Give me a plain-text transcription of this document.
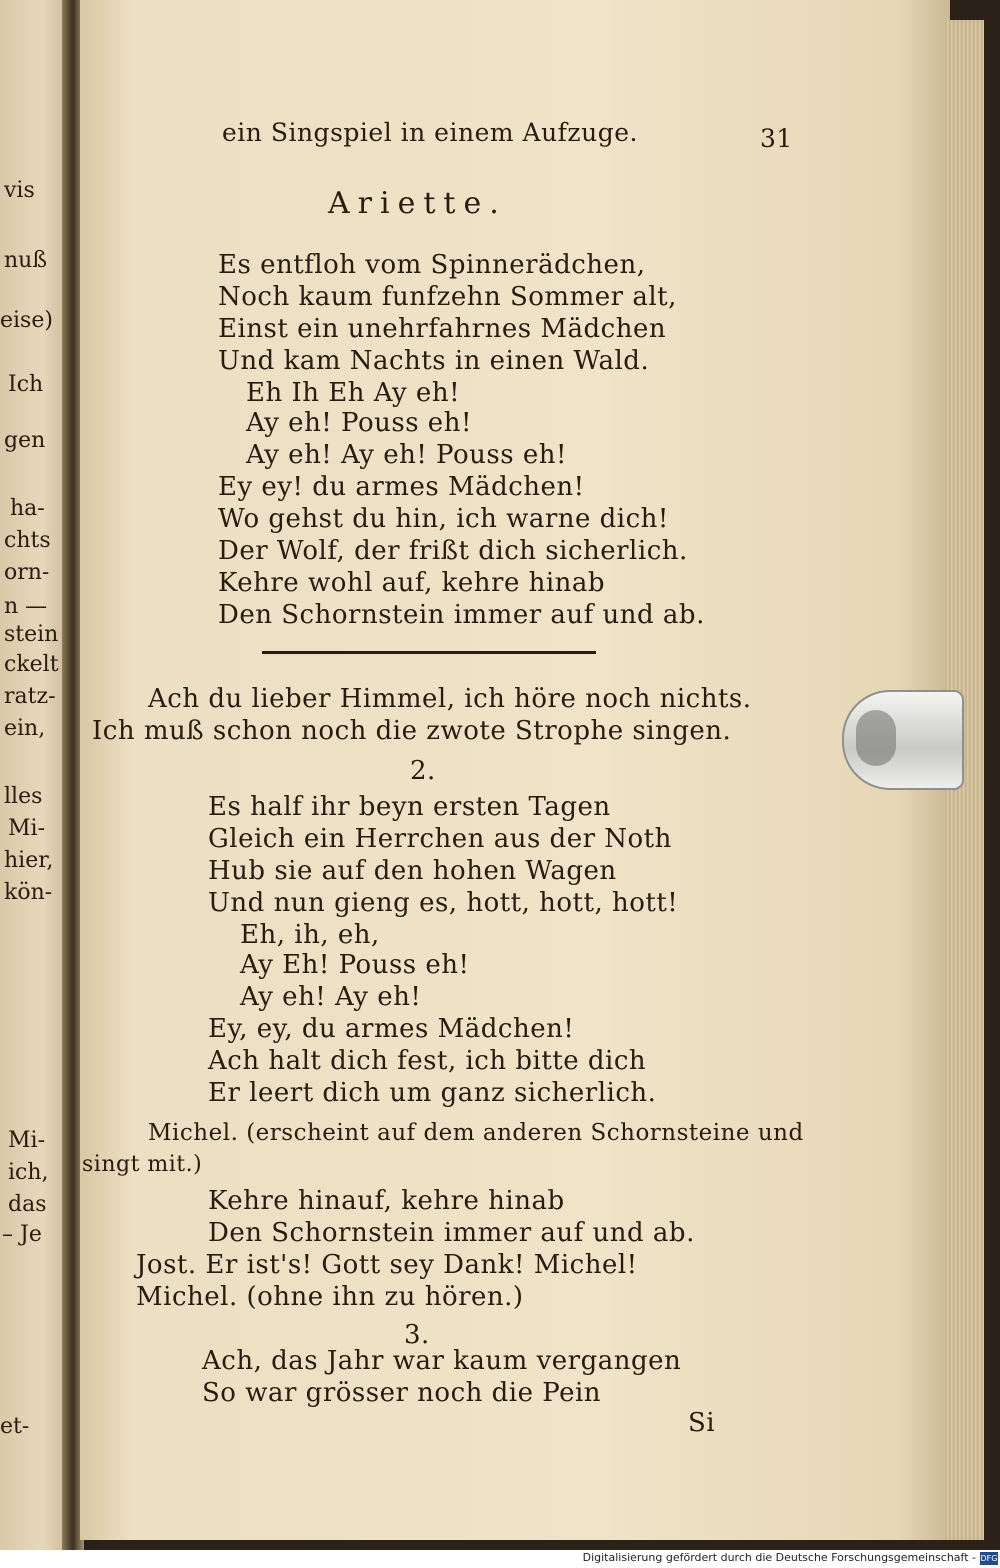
vis
nuß
eise)
Ich
gen
ha-
chts
orn-
n —
stein
ckelt
ratz-
ein,
lles
Mi-
hier,
kön-
Mi-
ich,
das
– Je
et-
ein Singspiel in einem Aufzuge.	31
Ariette.
Es entfloh vom Spinnerädchen,
Noch kaum funfzehn Sommer alt,
Einst ein unehrfahrnes Mädchen
Und kam Nachts in einen Wald.
Eh Ih Eh Ay eh!
Ay eh! Pouss eh!
Ay eh! Ay eh! Pouss eh!
Ey ey! du armes Mädchen!
Wo gehst du hin, ich warne dich!
Der Wolf, der frißt dich sicherlich.
Kehre wohl auf, kehre hinab
Den Schornstein immer auf und ab.
Ach du lieber Himmel, ich höre noch nichts.
Ich muß schon noch die zwote Strophe singen.
2.
Es half ihr beyn ersten Tagen
Gleich ein Herrchen aus der Noth
Hub sie auf den hohen Wagen
Und nun gieng es, hott, hott, hott!
Eh, ih, eh,
Ay Eh! Pouss eh!
Ay eh! Ay eh!
Ey, ey, du armes Mädchen!
Ach halt dich fest, ich bitte dich
Er leert dich um ganz sicherlich.
Michel. (erscheint auf dem anderen Schornsteine und
singt mit.)
Kehre hinauf, kehre hinab
Den Schornstein immer auf und ab.
Jost. Er ist's! Gott sey Dank! Michel!
Michel. (ohne ihn zu hören.)
3.
Ach, das Jahr war kaum vergangen
So war grösser noch die Pein
Si
Digitalisierung gefördert durch die Deutsche Forschungsgemeinschaft - DFG
